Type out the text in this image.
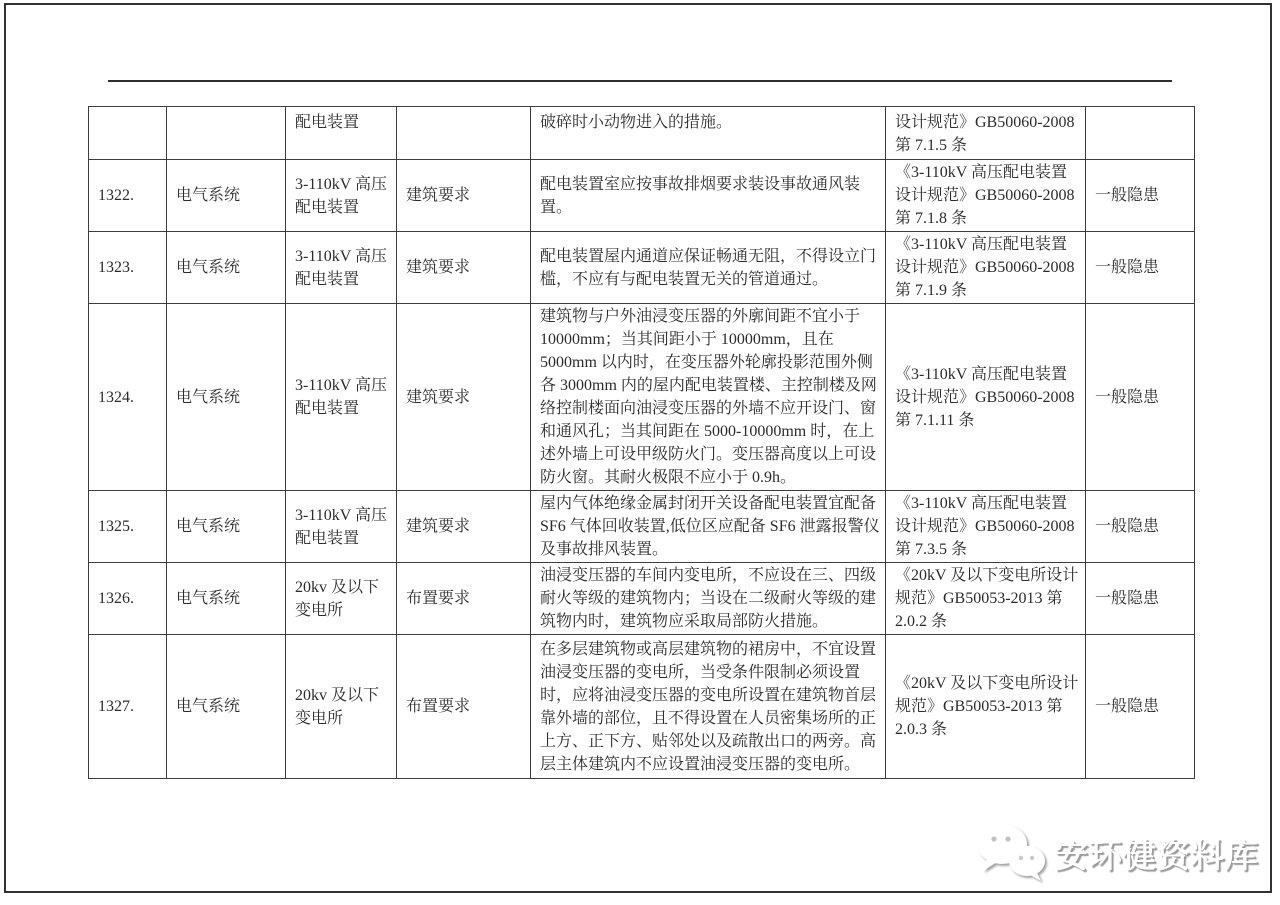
		配电装置		破碎时小动物进入的措施。	设计规范》GB50060-2008 第 7.1.5 条	
1322.	电气系统	3-110kV 高压配电装置	建筑要求	配电装置室应按事故排烟要求装设事故通风装置。	《3-110kV 高压配电装置设计规范》GB50060-2008 第 7.1.8 条	一般隐患
1323.	电气系统	3-110kV 高压配电装置	建筑要求	配电装置屋内通道应保证畅通无阻，不得设立门槛，不应有与配电装置无关的管道通过。	《3-110kV 高压配电装置设计规范》GB50060-2008 第 7.1.9 条	一般隐患
1324.	电气系统	3-110kV 高压配电装置	建筑要求	建筑物与户外油浸变压器的外廓间距不宜小于10000mm；当其间距小于 10000mm，且在 5000mm 以内时，在变压器外轮廓投影范围外侧各 3000mm 内的屋内配电装置楼、主控制楼及网络控制楼面向油浸变压器的外墙不应开设门、窗和通风孔；当其间距在 5000-10000mm 时，在上述外墙上可设甲级防火门。变压器高度以上可设防火窗。其耐火极限不应小于 0.9h。	《3-110kV 高压配电装置设计规范》GB50060-2008 第 7.1.11 条	一般隐患
1325.	电气系统	3-110kV 高压配电装置	建筑要求	屋内气体绝缘金属封闭开关设备配电装置宜配备 SF6 气体回收装置,低位区应配备 SF6 泄露报警仪及事故排风装置。	《3-110kV 高压配电装置设计规范》GB50060-2008 第 7.3.5 条	一般隐患
1326.	电气系统	20kv 及以下变电所	布置要求	油浸变压器的车间内变电所，不应设在三、四级耐火等级的建筑物内；当设在二级耐火等级的建筑物内时，建筑物应采取局部防火措施。	《20kV 及以下变电所设计规范》GB50053-2013 第 2.0.2 条	一般隐患
1327.	电气系统	20kv 及以下变电所	布置要求	在多层建筑物或高层建筑物的裙房中，不宜设置油浸变压器的变电所，当受条件限制必须设置时，应将油浸变压器的变电所设置在建筑物首层靠外墙的部位，且不得设置在人员密集场所的正上方、正下方、贴邻处以及疏散出口的两旁。高层主体建筑内不应设置油浸变压器的变电所。	《20kV 及以下变电所设计规范》GB50053-2013 第 2.0.3 条	一般隐患
安环健资料库
